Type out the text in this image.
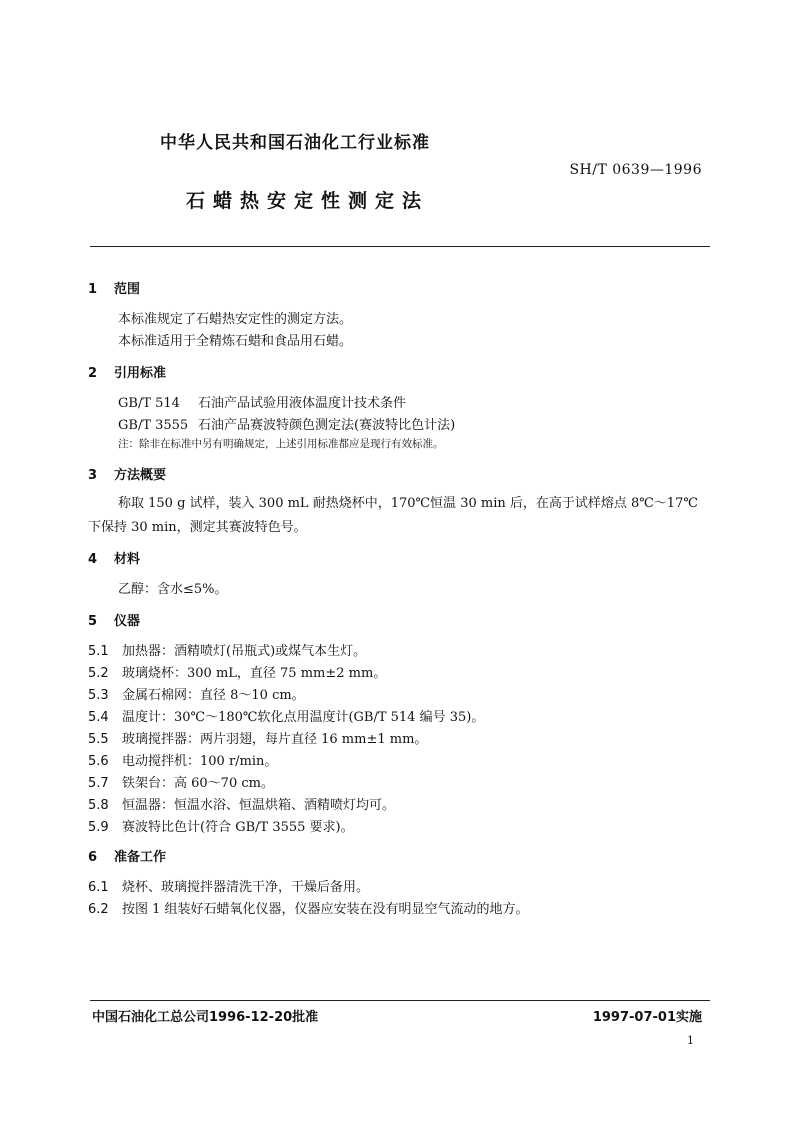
中华人民共和国石油化工行业标准
SH/T 0639—1996
石蜡热安定性测定法
1 范围
本标准规定了石蜡热安定性的测定方法。
本标准适用于全精炼石蜡和食品用石蜡。
2 引用标准
GB/T 514 石油产品试验用液体温度计技术条件
GB/T 3555 石油产品赛波特颜色测定法(赛波特比色计法)
注：除非在标准中另有明确规定，上述引用标准都应是现行有效标准。
3 方法概要
称取 150 g 试样，装入 300 mL 耐热烧杯中，170℃恒温 30 min 后，在高于试样熔点 8℃～17℃下保持 30 min，测定其赛波特色号。
4 材料
乙醇：含水≤5%。
5 仪器
5.1 加热器：酒精喷灯(吊瓶式)或煤气本生灯。
5.2 玻璃烧杯：300 mL，直径 75 mm±2 mm。
5.3 金属石棉网：直径 8～10 cm。
5.4 温度计：30℃～180℃软化点用温度计(GB/T 514 编号 35)。
5.5 玻璃搅拌器：两片羽翅，每片直径 16 mm±1 mm。
5.6 电动搅拌机：100 r/min。
5.7 铁架台：高 60～70 cm。
5.8 恒温器：恒温水浴、恒温烘箱、酒精喷灯均可。
5.9 赛波特比色计(符合 GB/T 3555 要求)。
6 准备工作
6.1 烧杯、玻璃搅拌器清洗干净，干燥后备用。
6.2 按图 1 组装好石蜡氧化仪器，仪器应安装在没有明显空气流动的地方。
中国石油化工总公司1996-12-20批准	1997-07-01实施
1
